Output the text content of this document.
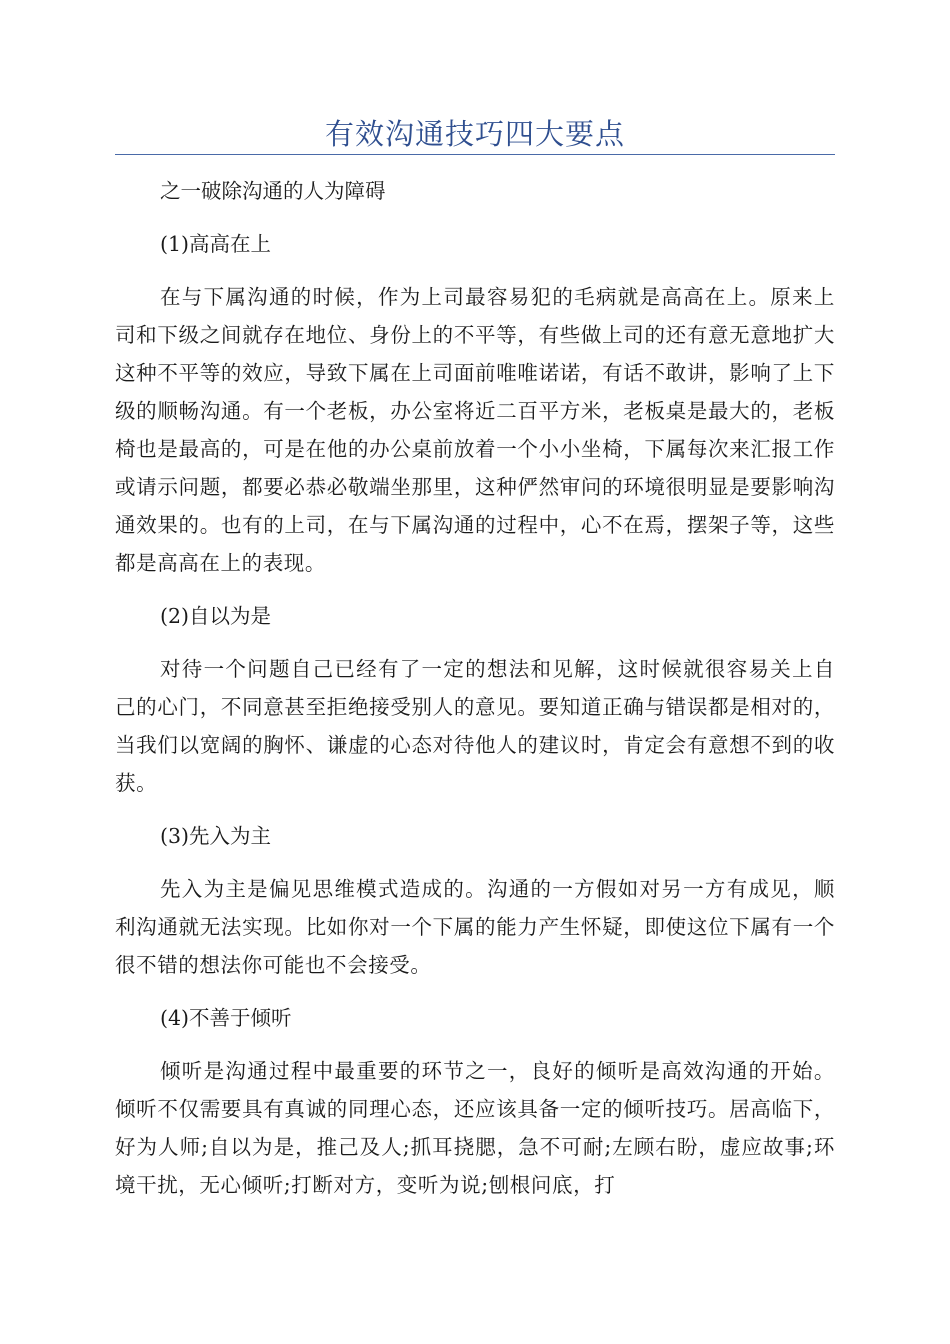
有效沟通技巧四大要点

之一破除沟通的人为障碍

(1)高高在上

在与下属沟通的时候，作为上司最容易犯的毛病就是高高在上。原来上司和下级之间就存在地位、身份上的不平等，有些做上司的还有意无意地扩大这种不平等的效应，导致下属在上司面前唯唯诺诺，有话不敢讲，影响了上下级的顺畅沟通。有一个老板，办公室将近二百平方米，老板桌是最大的，老板椅也是最高的，可是在他的办公桌前放着一个小小坐椅，下属每次来汇报工作或请示问题，都要必恭必敬端坐那里，这种俨然审问的环境很明显是要影响沟通效果的。也有的上司，在与下属沟通的过程中，心不在焉，摆架子等，这些都是高高在上的表现。

(2)自以为是

对待一个问题自己已经有了一定的想法和见解，这时候就很容易关上自己的心门，不同意甚至拒绝接受别人的意见。要知道正确与错误都是相对的，当我们以宽阔的胸怀、谦虚的心态对待他人的建议时，肯定会有意想不到的收获。

(3)先入为主

先入为主是偏见思维模式造成的。沟通的一方假如对另一方有成见，顺利沟通就无法实现。比如你对一个下属的能力产生怀疑，即使这位下属有一个很不错的想法你可能也不会接受。

(4)不善于倾听

倾听是沟通过程中最重要的环节之一，良好的倾听是高效沟通的开始。倾听不仅需要具有真诚的同理心态，还应该具备一定的倾听技巧。居高临下，好为人师;自以为是，推己及人;抓耳挠腮，急不可耐;左顾右盼，虚应故事;环境干扰，无心倾听;打断对方，变听为说;刨根问底，打
